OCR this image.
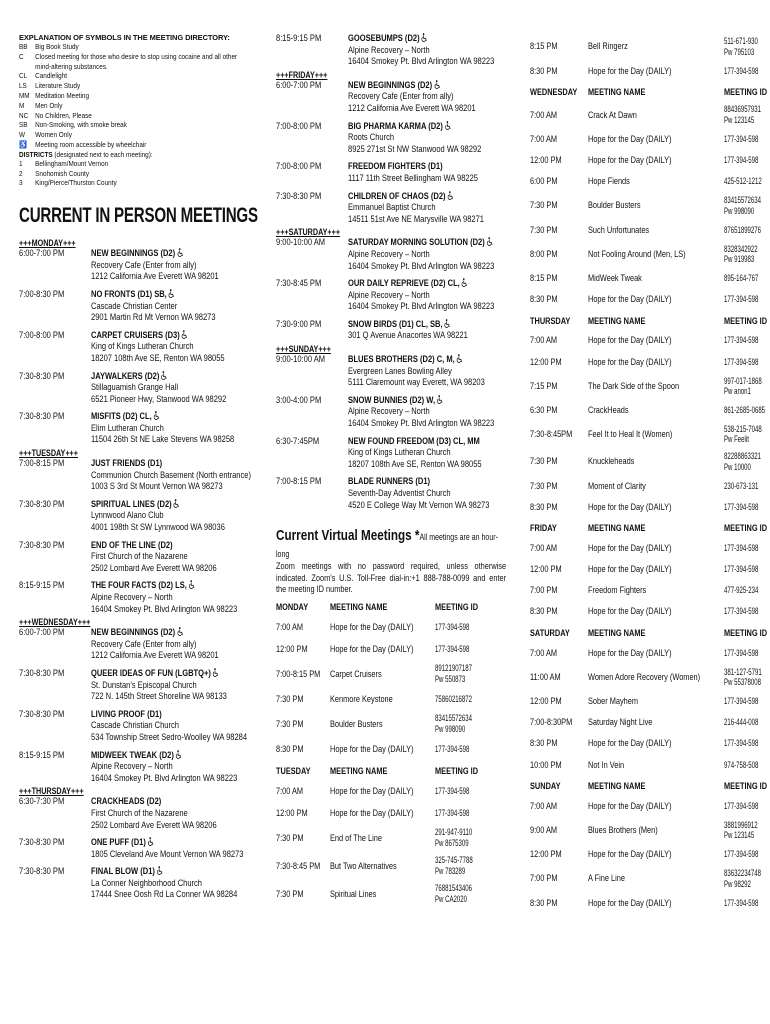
EXPLANATION OF SYMBOLS IN THE MEETING DIRECTORY:
BB	Big Book Study
C	Closed meeting for those who desire to stop using cocaine and all other
mind-altering substances.
CL	Candlelight
LS	Literature Study
MM Meditation Meeting
M	Men Only
NC No Children, Please
SB	Non-Smoking, with smoke break
W	Women Only
♿	Meeting room accessible by wheelchair
DISTRICTS (designated next to each meeting):
1	Bellingham/Mount Vernon
2	Snohomish County
3	King/Pierce/Thurston County
CURRENT IN PERSON MEETINGS
+++MONDAY+++
6:00-7:00 PM	NEW BEGINNINGS (D2)
Recovery Cafe (Enter from ally)
1212 California Ave Everett WA 98201
7:00-8:30 PM	NO FRONTS (D1) SB,
Cascade Christian Center
2901 Martin Rd Mt Vernon WA 98273
7:00-8:00 PM	CARPET CRUISERS (D3)
King of Kings Lutheran Church
18207 108th Ave SE, Renton WA 98055
7:30-8:30 PM	JAYWALKERS (D2)
Stillaguamish Grange Hall
6521 Pioneer Hwy, Stanwood WA 98292
7:30-8:30 PM	MISFITS (D2) CL,
Elim Lutheran Church
11504 26th St NE Lake Stevens WA 98258
+++TUESDAY+++
7:00-8:15 PM	JUST FRIENDS (D1)
Communion Church Basement (North entrance)
1003 S 3rd St Mount Vernon WA 98273
7:30-8:30 PM	SPIRITUAL LINES (D2)
Lynnwood Alano Club
4001 198th St SW Lynnwood WA 98036
7:30-8:30 PM	END OF THE LINE (D2)
First Church of the Nazarene
2502 Lombard Ave Everett WA 98206
8:15-9:15 PM	THE FOUR FACTS (D2) LS,
Alpine Recovery – North
16404 Smokey Pt. Blvd Arlington WA 98223
+++WEDNESDAY+++
6:00-7:00 PM	NEW BEGINNINGS (D2)
Recovery Cafe (Enter from ally)
1212 California Ave Everett WA 98201
7:30-8:30 PM	QUEER IDEAS OF FUN (LGBTQ+)
St. Dunstan's Episcopal Church
722 N. 145th Street Shoreline WA 98133
7:30-8:30 PM	LIVING PROOF (D1)
Cascade Christian Church
534 Township Street Sedro-Woolley WA 98284
8:15-9:15 PM	MIDWEEK TWEAK (D2)
Alpine Recovery – North
16404 Smokey Pt. Blvd Arlington WA 98223
+++THURSDAY+++
6:30-7:30 PM	CRACKHEADS (D2)
First Church of the Nazarene
2502 Lombard Ave Everett WA 98206
7:30-8:30 PM	ONE PUFF (D1)
1805 Cleveland Ave Mount Vernon WA 98273
7:30-8:30 PM	FINAL BLOW (D1)
La Conner Neighborhood Church
17444 Snee Oosh Rd La Conner WA 98284
8:15-9:15 PM	GOOSEBUMPS (D2)
Alpine Recovery – North
16404 Smokey Pt. Blvd Arlington WA 98223
+++FRIDAY+++
6:00-7:00 PM	NEW BEGINNINGS (D2)
Recovery Cafe (Enter from ally)
1212 California Ave Everett WA 98201
7:00-8:00 PM	BIG PHARMA KARMA (D2)
Roots Church
8925 271st St NW Stanwood WA 98292
7:00-8:00 PM	FREEDOM FIGHTERS (D1)
1117 11th Street Bellingham WA 98225
7:30-8:30 PM	CHILDREN OF CHAOS (D2)
Emmanuel Baptist Church
14511 51st Ave NE Marysville WA 98271
+++SATURDAY+++
9:00-10:00 AM	SATURDAY MORNING SOLUTION (D2)
Alpine Recovery – North
16404 Smokey Pt. Blvd Arlington WA 98223
7:30-8:45 PM	OUR DAILY REPRIEVE (D2) CL,
Alpine Recovery – North
16404 Smokey Pt. Blvd Arlington WA 98223
7:30-9:00 PM	SNOW BIRDS (D1) CL, SB,
301 Q Avenue Anacortes WA 98221
+++SUNDAY+++
9:00-10:00 AM	BLUES BROTHERS (D2) C, M,
Evergreen Lanes Bowling Alley
5111 Claremount way Everett, WA 98203
3:00-4:00 PM	SNOW BUNNIES (D2) W,
Alpine Recovery – North
16404 Smokey Pt. Blvd Arlington WA 98223
6:30-7:45PM	NEW FOUND FREEDOM (D3) CL, MM
King of Kings Lutheran Church
18207 108th Ave SE, Renton WA 98055
7:00-8:15 PM	BLADE RUNNERS (D1)
Seventh-Day Adventist Church
4520 E College Way Mt Vernon WA 98273
Current Virtual Meetings *All meetings are an hour-long
Zoom meetings with no password required, unless otherwise indicated. Zoom's U.S. Toll-Free dial-in:+1 888-788-0099 and enter the meeting ID number.
MONDAY	MEETING NAME	MEETING ID
7:00 AM	Hope for the Day (DAILY)	177-394-598

12:00 PM	Hope for the Day (DAILY)	177-394-598

7:00-8:15 PM	Carpet Cruisers	89121907187
Pw 550873

7:30 PM	Kenmore Keystone	75860216872

7:30 PM	Boulder Busters	83415572634
Pw 998090

8:30 PM	Hope for the Day (DAILY)	177-394-598

TUESDAY	MEETING NAME	MEETING ID
7:00 AM	Hope for the Day (DAILY)	177-394-598

12:00 PM	Hope for the Day (DAILY)	177-394-598

7:30 PM	End of The Line	291-947-9110
Pw 8675309

7:30-8:45 PM	But Two Alternatives	325-745-7788
Pw 783289

7:30 PM	Spiritual Lines	76881543406
Pw CA2020
8:15 PM	Bell Ringerz	511-671-930
Pw 795103

8:30 PM	Hope for the Day (DAILY)	177-394-598

WEDNESDAY	MEETING NAME	MEETING ID
7:00 AM	Crack At Dawn	88436957931
Pw 123145

7:00 AM	Hope for the Day (DAILY)	177-394-598

12:00 PM	Hope for the Day (DAILY)	177-394-598

6:00 PM	Hope Fiends	425-512-1212

7:30 PM	Boulder Busters	83415572634
Pw 998090

7:30 PM	Such Unfortunates	87651899276

8:00 PM	Not Fooling Around (Men, LS)	8328342922
Pw 919983

8:15 PM	MidWeek Tweak	895-164-767

8:30 PM	Hope for the Day (DAILY)	177-394-598

THURSDAY	MEETING NAME	MEETING ID
7:00 AM	Hope for the Day (DAILY)	177-394-598

12:00 PM	Hope for the Day (DAILY)	177-394-598

7:15 PM	The Dark Side of the Spoon	997-017-1868
Pw anon1

6:30 PM	CrackHeads	861-2685-0685

7:30-8:45PM	Feel It to Heal It (Women)	538-215-7048
Pw Feelit

7:30 PM	Knuckleheads	82288863321
Pw 10000

7:30 PM	Moment of Clarity	230-673-131

8:30 PM	Hope for the Day (DAILY)	177-394-598

FRIDAY	MEETING NAME	MEETING ID
7:00 AM	Hope for the Day (DAILY)	177-394-598

12:00 PM	Hope for the Day (DAILY)	177-394-598

7:00 PM	Freedom Fighters	477-925-234

8:30 PM	Hope for the Day (DAILY)	177-394-598

SATURDAY	MEETING NAME	MEETING ID
7:00 AM	Hope for the Day (DAILY)	177-394-598

11:00 AM	Women Adore Recovery (Women)	381-127-5791
Pw 55378008

12:00 PM	Sober Mayhem	177-394-598

7:00-8:30PM	Saturday Night Live	216-444-008

8:30 PM	Hope for the Day (DAILY)	177-394-598

10:00 PM	Not In Vein	974-758-508

SUNDAY	MEETING NAME	MEETING ID
7:00 AM	Hope for the Day (DAILY)	177-394-598

9:00 AM	Blues Brothers (Men)	3881996912
Pw 123145

12:00 PM	Hope for the Day (DAILY)	177-394-598

7:00 PM	A Fine Line	83632234748
Pw 98292

8:30 PM	Hope for the Day (DAILY)	177-394-598
